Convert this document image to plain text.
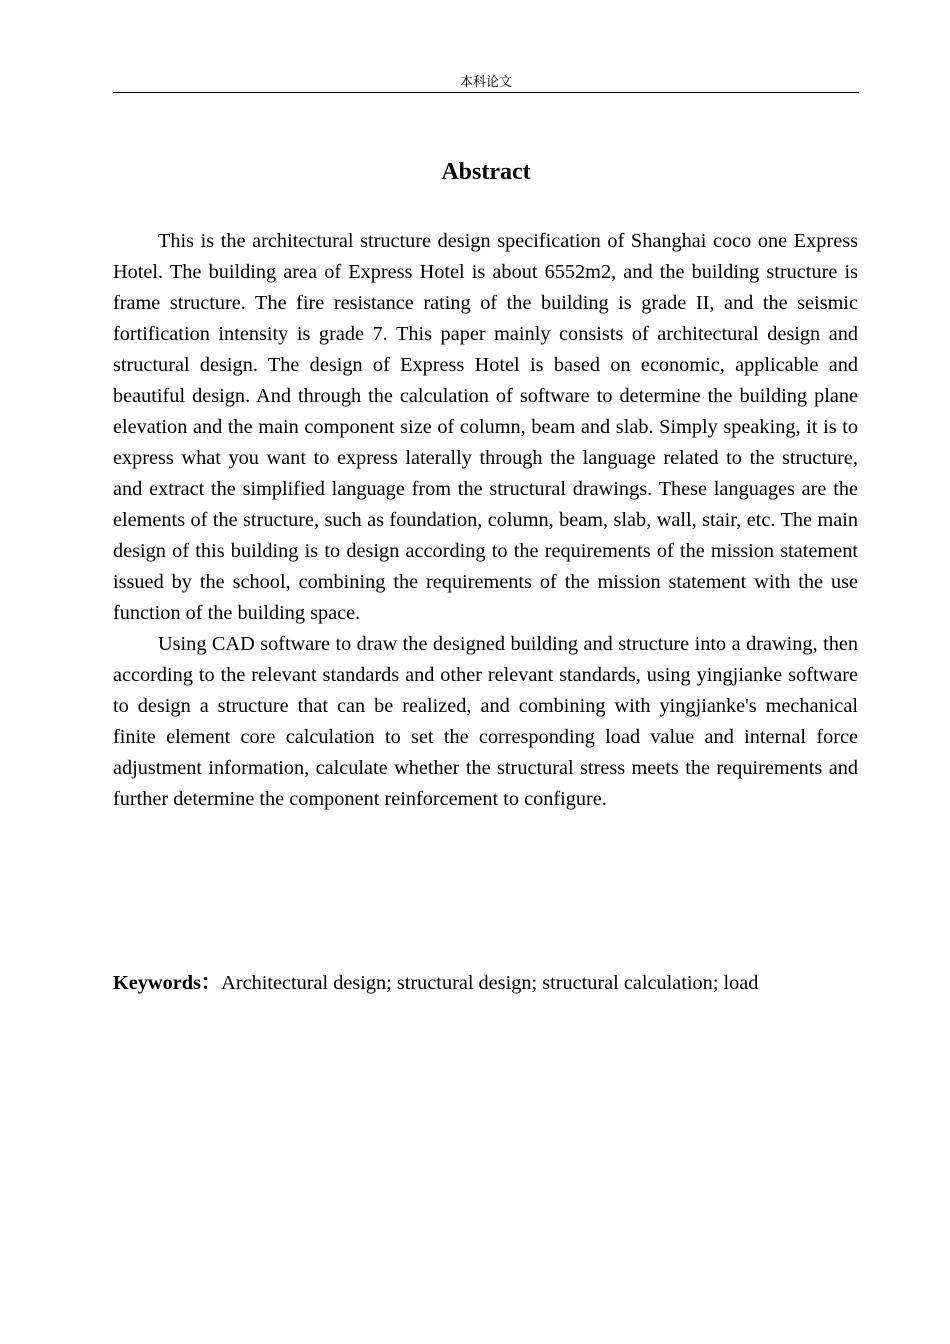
本科论文
Abstract

This is the architectural structure design specification of Shanghai coco one Express Hotel. The building area of Express Hotel is about 6552m2, and the building structure is frame structure. The fire resistance rating of the building is grade II, and the seismic fortification intensity is grade 7. This paper mainly consists of architectural design and structural design. The design of Express Hotel is based on economic, applicable and beautiful design. And through the calculation of software to determine the building plane elevation and the main component size of column, beam and slab. Simply speaking, it is to express what you want to express laterally through the language related to the structure, and extract the simplified language from the structural drawings. These languages are the elements of the structure, such as foundation, column, beam, slab, wall, stair, etc. The main design of this building is to design according to the requirements of the mission statement issued by the school, combining the requirements of the mission statement with the use function of the building space.

Using CAD software to draw the designed building and structure into a drawing, then according to the relevant standards and other relevant standards, using yingjianke software to design a structure that can be realized, and combining with yingjianke's mechanical finite element core calculation to set the corresponding load value and internal force adjustment information, calculate whether the structural stress meets the requirements and further determine the component reinforcement to configure.

Keywords：Architectural design; structural design; structural calculation; load
